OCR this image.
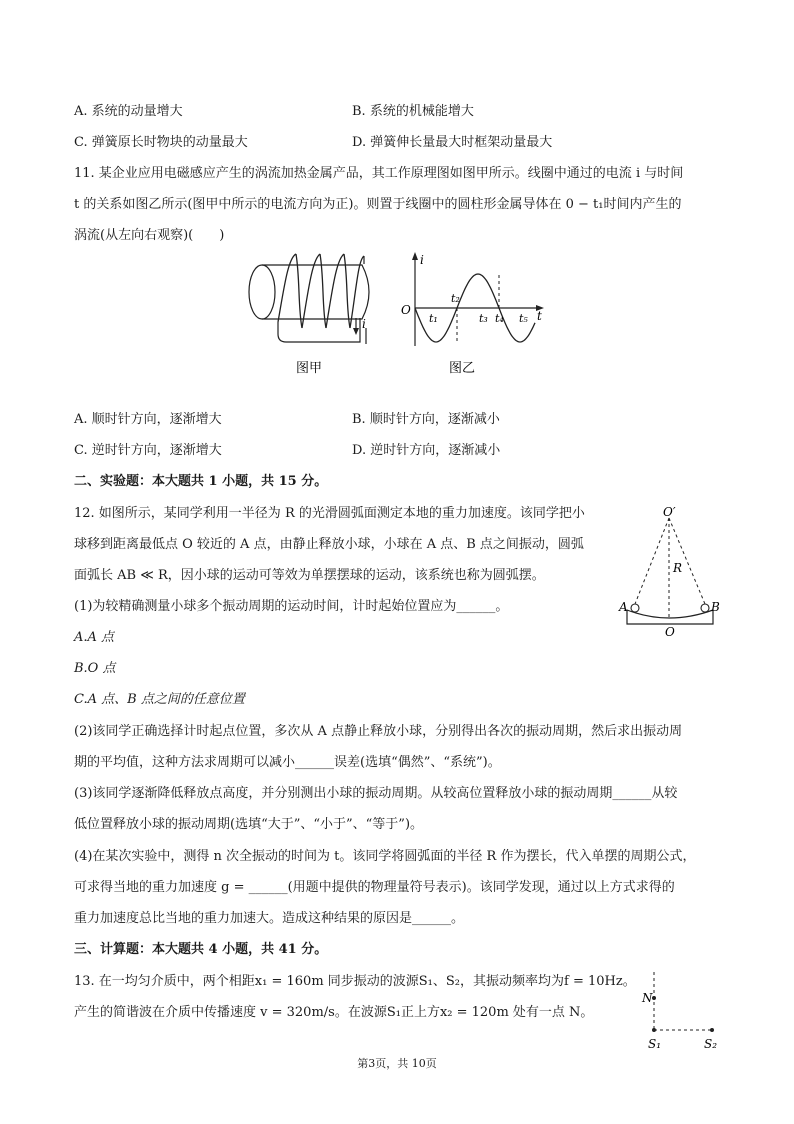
A. 系统的动量增大	B. 系统的机械能增大
C. 弹簧原长时物块的动量最大	D. 弹簧伸长量最大时框架动量最大
11. 某企业应用电磁感应产生的涡流加热金属产品，其工作原理图如图甲所示。线圈中通过的电流 i 与时间
t 的关系如图乙所示(图甲中所示的电流方向为正)。则置于线圈中的圆柱形金属导体在 0 − t₁时间内产生的
涡流(从左向右观察)(　　)
i
图甲
i
t
O
t₁
t₂
t₃ t₄ t₅
图乙
A. 顺时针方向，逐渐增大	B. 顺时针方向，逐渐减小
C. 逆时针方向，逐渐增大	D. 逆时针方向，逐渐减小
二、实验题：本大题共 1 小题，共 15 分。
12. 如图所示，某同学利用一半径为 R 的光滑圆弧面测定本地的重力加速度。该同学把小
球移到距离最低点 O 较近的 A 点，由静止释放小球，小球在 A 点、B 点之间振动，圆弧
面弧长 AB ≪ R，因小球的运动可等效为单摆摆球的运动，该系统也称为圆弧摆。
(1)为较精确测量小球多个振动周期的运动时间，计时起始位置应为______。
A.A 点
B.O 点
C.A 点、B 点之间的任意位置
(2)该同学正确选择计时起点位置，多次从 A 点静止释放小球，分别得出各次的振动周期，然后求出振动周
期的平均值，这种方法求周期可以减小______误差(选填“偶然”、“系统”)。
(3)该同学逐渐降低释放点高度，并分别测出小球的振动周期。从较高位置释放小球的振动周期______从较
低位置释放小球的振动周期(选填“大于”、“小于”、“等于”)。
(4)在某次实验中，测得 n 次全振动的时间为 t。该同学将圆弧面的半径 R 作为摆长，代入单摆的周期公式，
可求得当地的重力加速度 g = ______(用题中提供的物理量符号表示)。该同学发现，通过以上方式求得的
重力加速度总比当地的重力加速大。造成这种结果的原因是______。
O′
R
A	B
O
三、计算题：本大题共 4 小题，共 41 分。
13. 在一均匀介质中，两个相距x₁ = 160m 同步振动的波源S₁、S₂，其振动频率均为f = 10Hz。
产生的简谐波在介质中传播速度 v = 320m/s。在波源S₁正上方x₂ = 120m 处有一点 N。
N
S₁	S₂
第3页，共 10页
